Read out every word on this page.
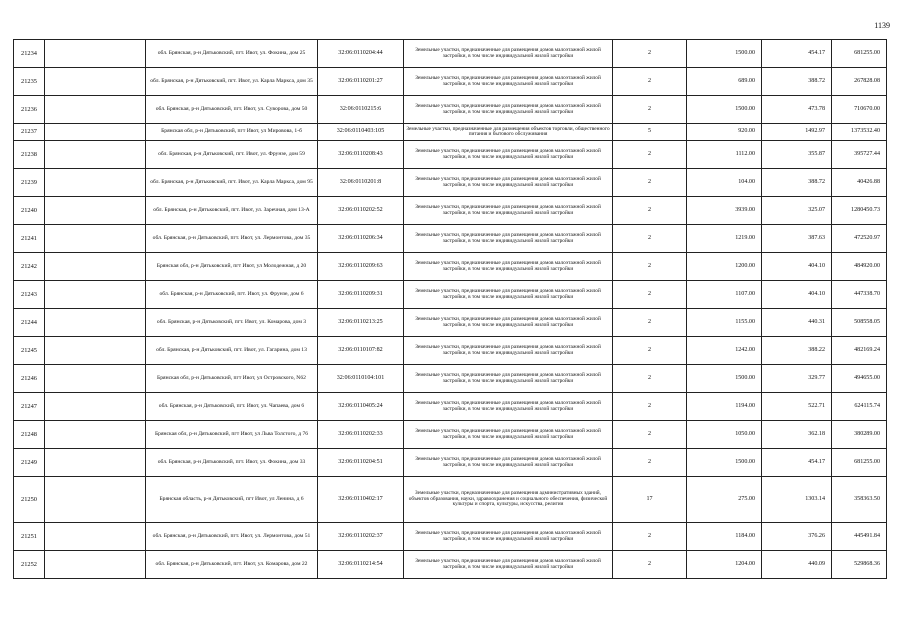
1139
21234		обл. Брянская, р-н Дятьковский, пгт. Ивот, ул. Фокина, дом 25	32:06:0110204:44	Земельные участки, предназначенные для размещения домов малоэтажной жилой застройки, в том числе индивидуальной жилой застройки	2	1500.00	454.17	681255.00
21235		обл. Брянская, р-н Дятьковский, пгт. Ивот, ул. Карла Маркса, дом 35	32:06:0110201:27	Земельные участки, предназначенные для размещения домов малоэтажной жилой застройки, в том числе индивидуальной жилой застройки	2	689.00	388.72	267828.08
21236		обл. Брянская, р-н Дятьковский, пгт. Ивот, ул. Суворова, дом 50	32:06:0110215:6	Земельные участки, предназначенные для размещения домов малоэтажной жилой застройки, в том числе индивидуальной жилой застройки	2	1500.00	473.78	710670.00
21237		Брянская обл, р-н Дятьковский, пгт Ивот, ул Мировова, 1-б	32:06:0110403:105	Земельные участки, предназначенные для размещения объектов торговли, общественного питания и бытового обслуживания	5	920.00	1492.97	1373532.40
21238		обл. Брянская, р-н Дятьковский, пгт. Ивот, ул. Фрунзе, дом 59	32:06:0110208:43	Земельные участки, предназначенные для размещения домов малоэтажной жилой застройки, в том числе индивидуальной жилой застройки	2	1112.00	355.87	395727.44
21239		обл. Брянская, р-н Дятьковский, пгт. Ивот, ул. Карла Маркса, дом 95	32:06:0110201:8	Земельные участки, предназначенные для размещения домов малоэтажной жилой застройки, в том числе индивидуальной жилой застройки	2	104.00	388.72	40426.88
21240		обл. Брянская, р-н Дятьковский, пгт. Ивот, ул. Заречная, дом 13-А	32:06:0110202:52	Земельные участки, предназначенные для размещения домов малоэтажной жилой застройки, в том числе индивидуальной жилой застройки	2	3939.00	325.07	1280450.73
21241		обл. Брянская, р-н Дятьковский, пгт. Ивот, ул. Лермонтова, дом 35	32:06:0110206:34	Земельные участки, предназначенные для размещения домов малоэтажной жилой застройки, в том числе индивидуальной жилой застройки	2	1219.00	387.63	472520.97
21242		Брянская обл, р-н Дятьковский, пгт Ивот, ул Молодежная, д 20	32:06:0110209:63	Земельные участки, предназначенные для размещения домов малоэтажной жилой застройки, в том числе индивидуальной жилой застройки	2	1200.00	404.10	484920.00
21243		обл. Брянская, р-н Дятьковский, пгт. Ивот, ул. Фрунзе, дом 6	32:06:0110209:31	Земельные участки, предназначенные для размещения домов малоэтажной жилой застройки, в том числе индивидуальной жилой застройки	2	1107.00	404.10	447338.70
21244		обл. Брянская, р-н Дятьковский, пгт. Ивот, ул. Комарова, дом 3	32:06:0110213:25	Земельные участки, предназначенные для размещения домов малоэтажной жилой застройки, в том числе индивидуальной жилой застройки	2	1155.00	440.31	508558.05
21245		обл. Брянская, р-н Дятьковский, пгт. Ивот, ул. Гагарина, дом 13	32:06:0110107:82	Земельные участки, предназначенные для размещения домов малоэтажной жилой застройки, в том числе индивидуальной жилой застройки	2	1242.00	388.22	482169.24
21246		Брянская обл, р-н Дятьковский, пгт Ивот, ул Островского, N62	32:06:0110104:101	Земельные участки, предназначенные для размещения домов малоэтажной жилой застройки, в том числе индивидуальной жилой застройки	2	1500.00	329.77	494655.00
21247		обл. Брянская, р-н Дятьковский, пгт. Ивот, ул. Чапаева, дом 6	32:06:0110405:24	Земельные участки, предназначенные для размещения домов малоэтажной жилой застройки, в том числе индивидуальной жилой застройки	2	1194.00	522.71	624115.74
21248		Брянская обл, р-н Дятьковский, пгт Ивот, ул Льва Толстого, д 76	32:06:0110202:33	Земельные участки, предназначенные для размещения домов малоэтажной жилой застройки, в том числе индивидуальной жилой застройки	2	1050.00	362.18	380289.00
21249		обл. Брянская, р-н Дятьковский, пгт. Ивот, ул. Фокина, дом 33	32:06:0110204:51	Земельные участки, предназначенные для размещения домов малоэтажной жилой застройки, в том числе индивидуальной жилой застройки	2	1500.00	454.17	681255.00
21250		Брянская область, р-н Дятьковский, пгт Ивот, ул Ленина, д 6	32:06:0110402:17	Земельные участки, предназначенные для размещения административных зданий, объектов образования, науки, здравоохранения и социального обеспечения, физической культуры и спорта, культуры, искусства, религии	17	275.00	1303.14	358363.50
21251		обл. Брянская, р-н Дятьковский, пгт. Ивот, ул. Лермонтова, дом 51	32:06:0110202:37	Земельные участки, предназначенные для размещения домов малоэтажной жилой застройки, в том числе индивидуальной жилой застройки	2	1184.00	376.26	445491.84
21252		обл. Брянская, р-н Дятьковский, пгт. Ивот, ул. Комарова, дом 22	32:06:0110214:54	Земельные участки, предназначенные для размещения домов малоэтажной жилой застройки, в том числе индивидуальной жилой застройки	2	1204.00	440.09	529868.36
